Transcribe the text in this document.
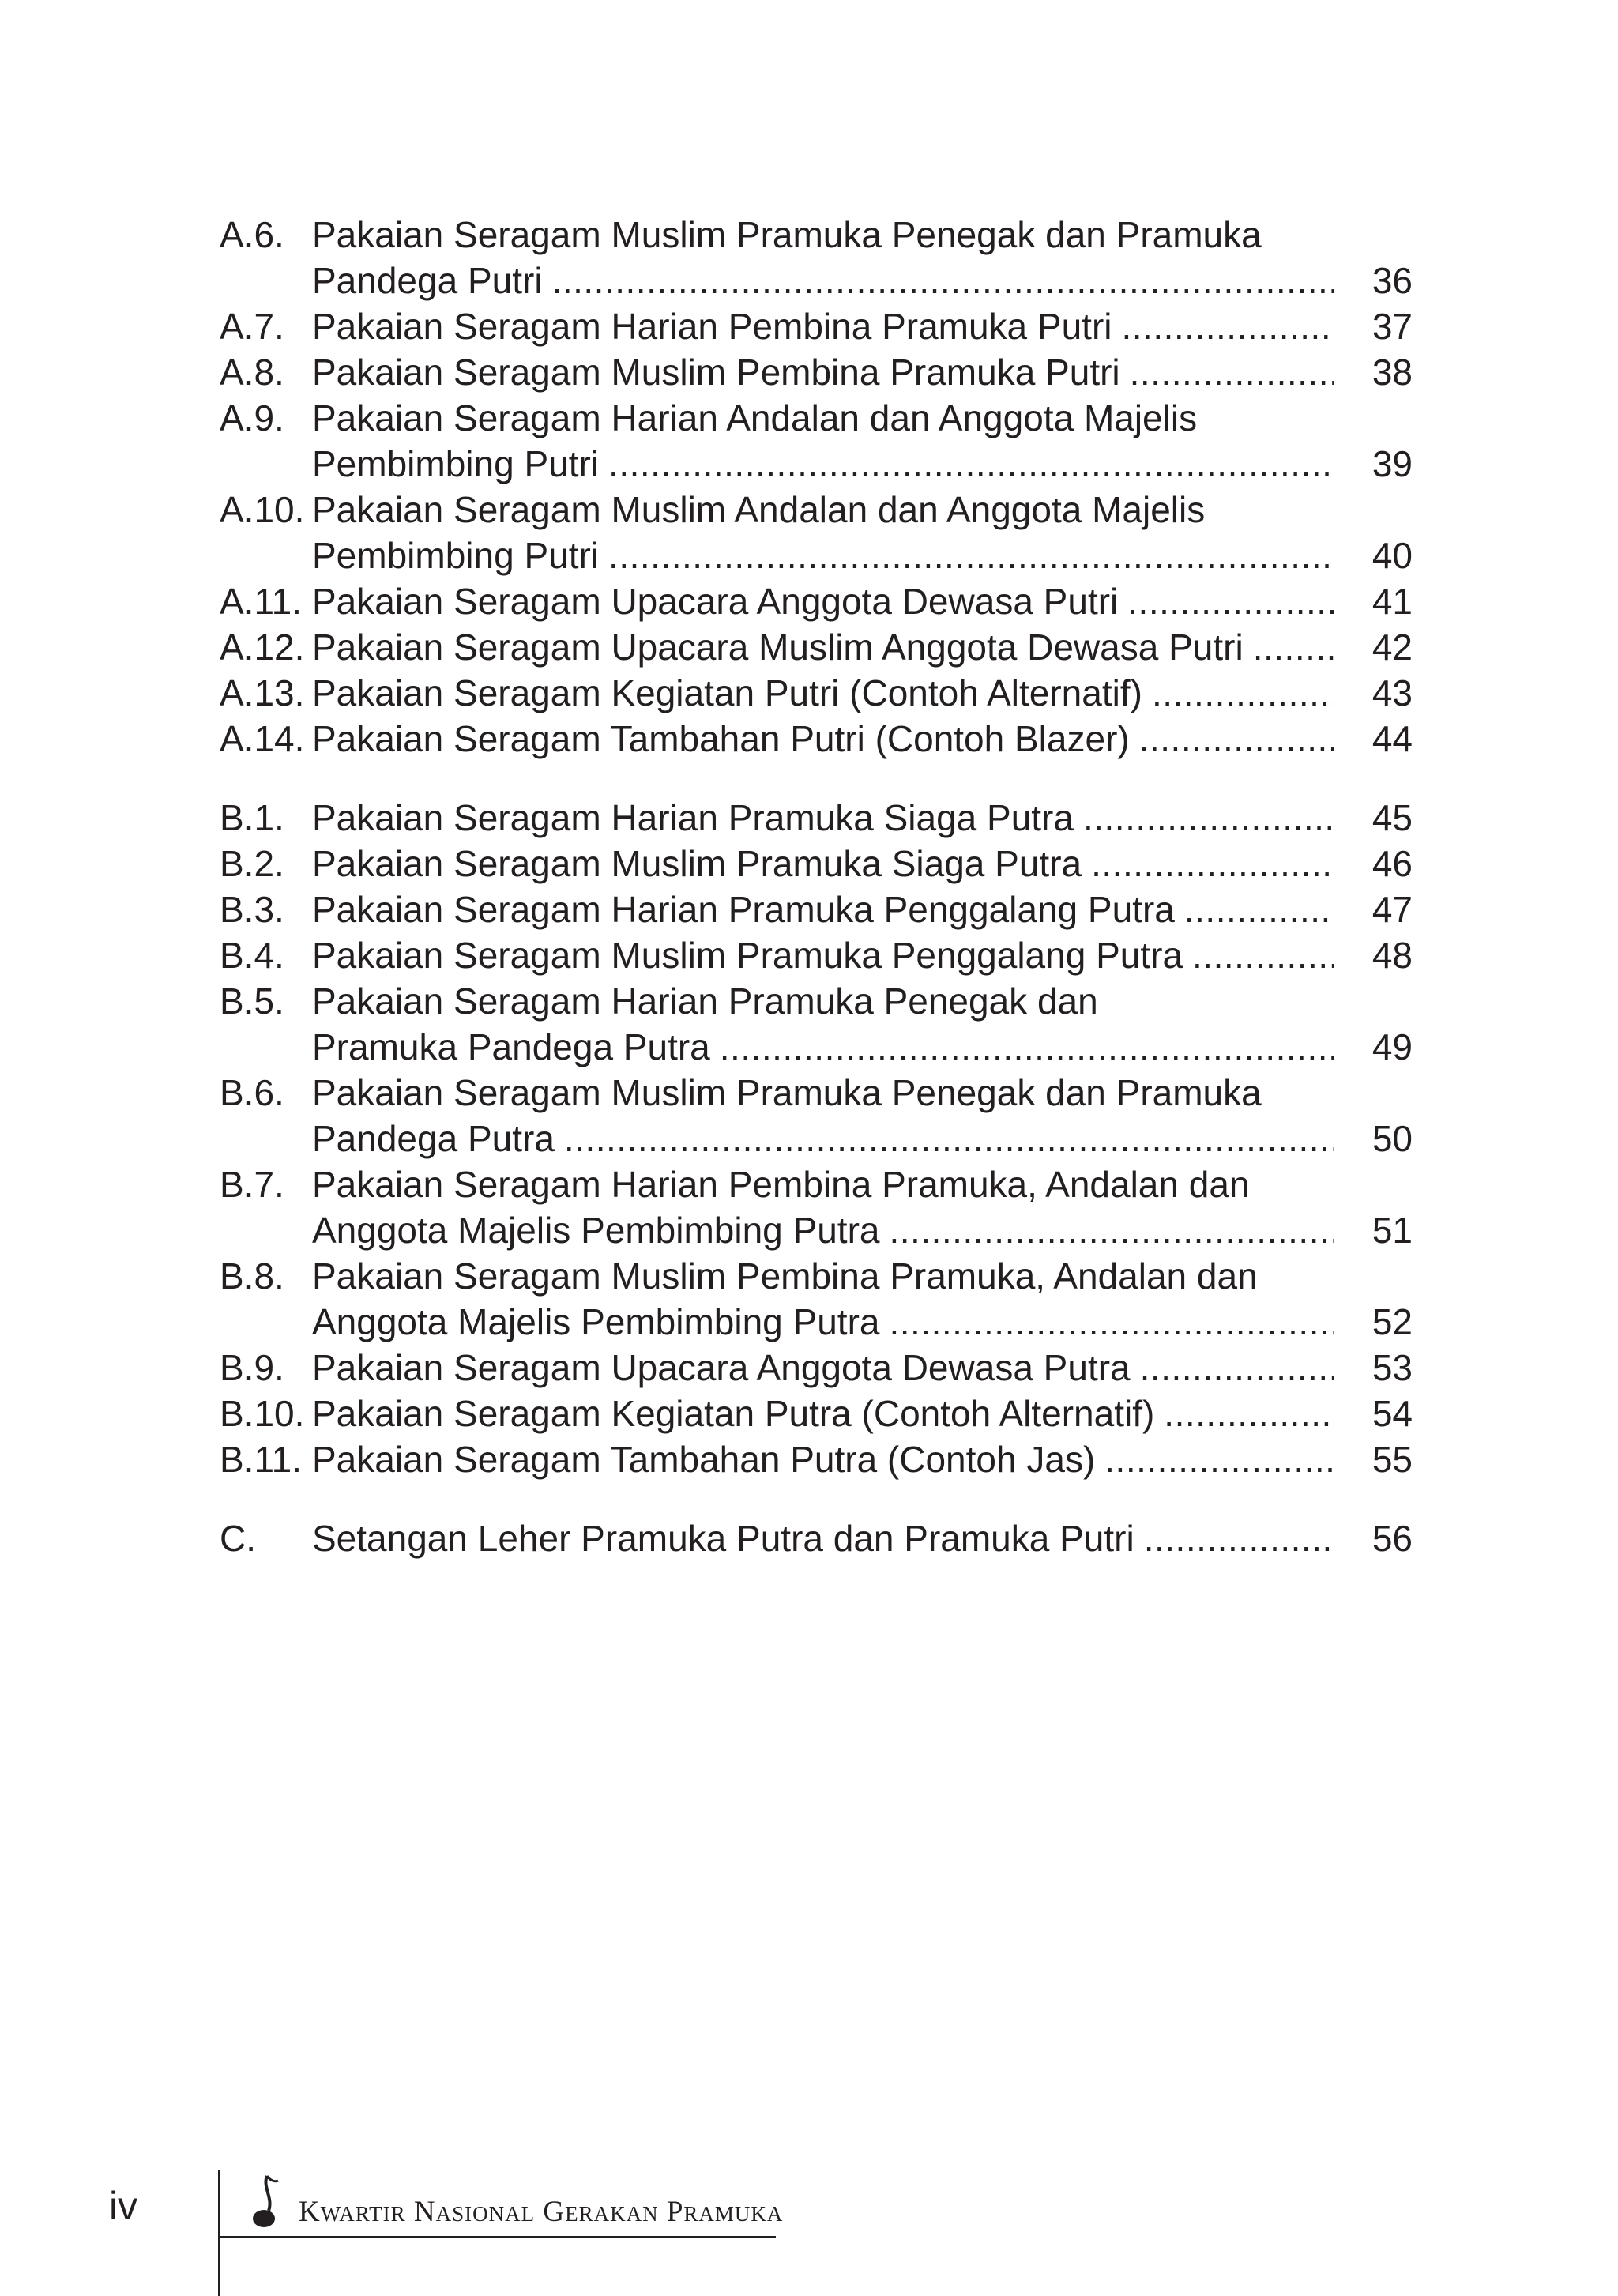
A.6. Pakaian Seragam Muslim Pramuka Penegak dan Pramuka
Pandega Putri .....	36
A.7. Pakaian Seragam Harian Pembina Pramuka Putri .....	37
A.8. Pakaian Seragam Muslim Pembina Pramuka Putri .....	38
A.9. Pakaian Seragam Harian Andalan dan Anggota Majelis
Pembimbing Putri .....	39
A.10. Pakaian Seragam Muslim Andalan dan Anggota Majelis
Pembimbing Putri .....	40
A.11. Pakaian Seragam Upacara Anggota Dewasa Putri .....	41
A.12. Pakaian Seragam Upacara Muslim Anggota Dewasa Putri .....	42
A.13. Pakaian Seragam Kegiatan Putri (Contoh Alternatif) .....	43
A.14. Pakaian Seragam Tambahan Putri (Contoh Blazer) .....	44
B.1. Pakaian Seragam Harian Pramuka Siaga Putra .....	45
B.2. Pakaian Seragam Muslim Pramuka Siaga Putra .....	46
B.3. Pakaian Seragam Harian Pramuka Penggalang Putra .....	47
B.4. Pakaian Seragam Muslim Pramuka Penggalang Putra .....	48
B.5. Pakaian Seragam Harian Pramuka Penegak dan
Pramuka Pandega Putra .....	49
B.6. Pakaian Seragam Muslim Pramuka Penegak dan Pramuka
Pandega Putra .....	50
B.7. Pakaian Seragam Harian Pembina Pramuka, Andalan dan
Anggota Majelis Pembimbing Putra .....	51
B.8. Pakaian Seragam Muslim Pembina Pramuka, Andalan dan
Anggota Majelis Pembimbing Putra .....	52
B.9. Pakaian Seragam Upacara Anggota Dewasa Putra .....	53
B.10. Pakaian Seragam Kegiatan Putra (Contoh Alternatif) .....	54
B.11. Pakaian Seragam Tambahan Putra (Contoh Jas) .....	55
C.	Setangan Leher Pramuka Putra dan Pramuka Putri .....	56
iv	KWARTIR NASIONAL GERAKAN PRAMUKA
